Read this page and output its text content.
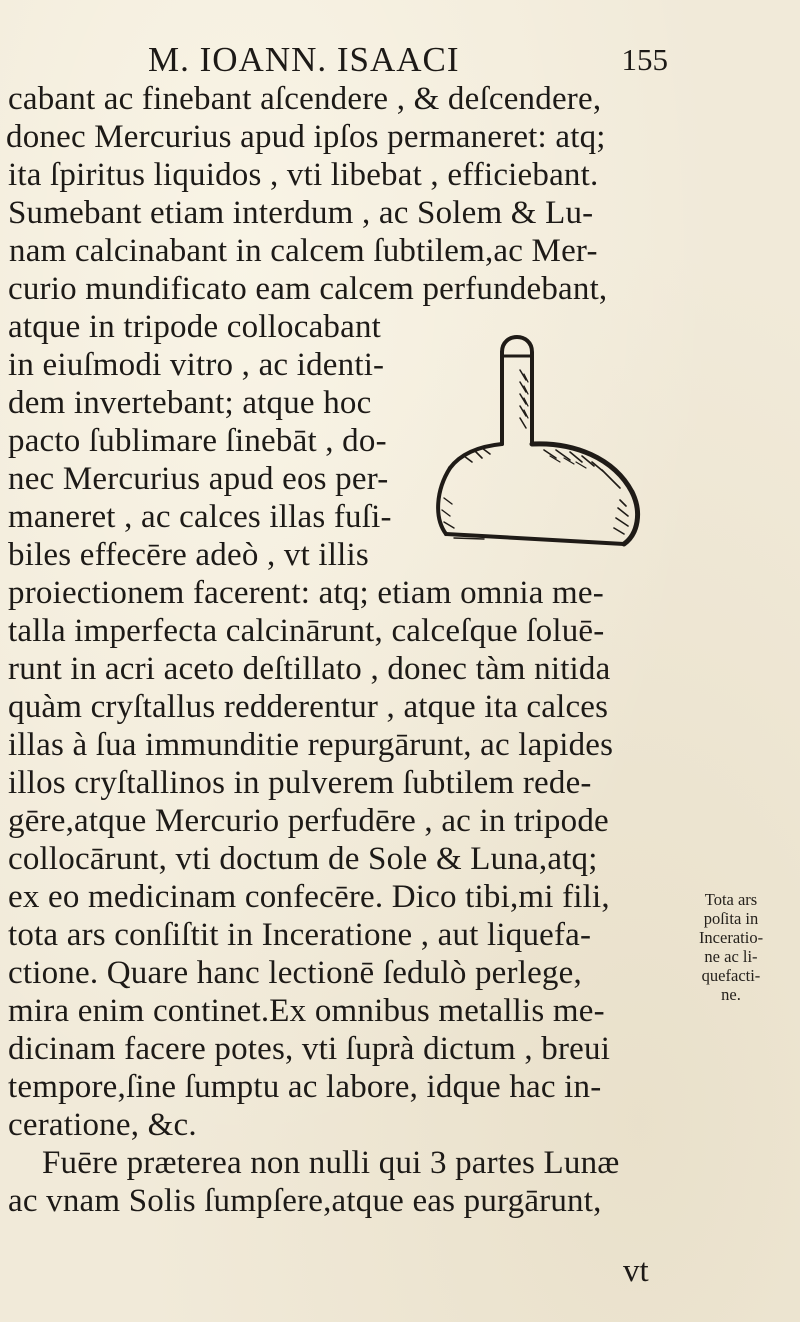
M. IOANN. ISAACI	155
cabant ac finebant aſcendere , & deſcendere,
donec Mercurius apud ipſos permaneret: atq;
ita ſpiritus liquidos , vti libebat , efficiebant.
Sumebant etiam interdum , ac Solem & Lu-
nam calcinabant in calcem ſubtilem,ac Mer-
curio mundificato eam calcem perfundebant,
atque in tripode collocabant
in eiuſmodi vitro , ac identi-
dem invertebant; atque hoc
pacto ſublimare ſinebāt , do-
nec Mercurius apud eos per-
maneret , ac calces illas fuſi-
biles effecēre adeò , vt illis
proiectionem facerent: atq; etiam omnia me-
talla imperfecta calcinārunt, calceſque ſoluē-
runt in acri aceto deſtillato , donec tàm nitida
quàm cryſtallus redderentur , atque ita calces
illas à ſua immunditie repurgārunt, ac lapides
illos cryſtallinos in pulverem ſubtilem rede-
gēre,atque Mercurio perfudēre , ac in tripode
collocārunt, vti doctum de Sole & Luna,atq;
ex eo medicinam confecēre. Dico tibi,mi fili,
tota ars conſiſtit in Inceratione , aut liquefa-
ctione. Quare hanc lectionē ſedulò perlege,
mira enim continet.Ex omnibus metallis me-
dicinam facere potes, vti ſuprà dictum , breui
tempore,ſine ſumptu ac labore, idque hac in-
ceratione, &c.
Fuēre præterea non nulli qui 3 partes Lunæ
ac vnam Solis ſumpſere,atque eas purgārunt,
Tota ars
poſita in
Inceratio-
ne ac li-
quefacti-
ne.
vt
